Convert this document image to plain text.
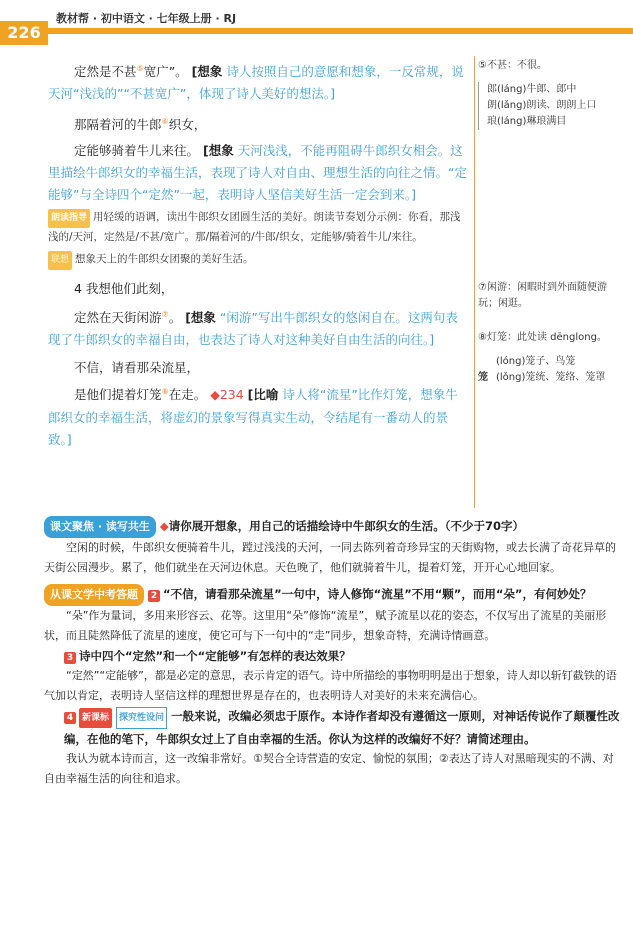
226
教材帮 · 初中语文 · 七年级上册 · RJ

定然是不甚⑤宽广”。 [想象 诗人按照自己的意愿和想象，一反常规，说天河“浅浅的”“不甚宽广”，体现了诗人美好的想法。]

那隔着河的牛郎⑥织女，

定能够骑着牛儿来往。 [想象 天河浅浅，不能再阻碍牛郎织女相会。这里描绘牛郎织女的幸福生活，表现了诗人对自由、理想生活的向往之情。“定能够”与全诗四个“定然”一起，表明诗人坚信美好生活一定会到来。]

朗读指导 用轻缓的语调，读出牛郎织女团圆生活的美好。朗读节奏划分示例：你看，那浅浅的/天河，定然是/不甚/宽广。那/隔着河的/牛郎/织女，定能够/骑着牛儿/来往。

联想 想象天上的牛郎织女团聚的美好生活。

4 我想他们此刻，

定然在天街闲游⑦。 [想象 “闲游”写出牛郎织女的悠闲自在。这两句表现了牛郎织女的幸福自由，也表达了诗人对这种美好自由生活的向往。]

不信，请看那朵流星，

是他们提着灯笼⑧在走。 ◆234 [比喻 诗人将“流星”比作灯笼，想象牛郎织女的幸福生活，将虚幻的景象写得真实生动，令结尾有一番动人的景致。]

⑤不甚：不很。
郎(láng)牛郎、郎中
朗(lǎng)朗读、朗朗上口
琅(láng)琳琅满目
⑦闲游：闲暇时到外面随便游玩；闲逛。
⑧灯笼：此处读 dēnglong。
笼
(lóng)笼子、鸟笼
(lǒng)笼统、笼络、笼罩

课文聚焦 · 读写共生 ◆请你展开想象，用自己的话描绘诗中牛郎织女的生活。（不少于70字）

空闲的时候，牛郎织女便骑着牛儿，蹚过浅浅的天河，一同去陈列着奇珍异宝的天街购物，或去长满了奇花异草的天街公园漫步。累了，他们就坐在天河边休息。天色晚了，他们就骑着牛儿，提着灯笼，开开心心地回家。

从课文学中考答题 2 “不信，请看那朵流星”一句中，诗人修饰“流星”不用“颗”，而用“朵”，有何妙处？

“朵”作为量词，多用来形容云、花等。这里用“朵”修饰“流星”，赋予流星以花的姿态，不仅写出了流星的美丽形状，而且陡然降低了流星的速度，使它可与下一句中的“走”同步，想象奇特，充满诗情画意。

3 诗中四个“定然”和一个“定能够”有怎样的表达效果？

“定然”“定能够”，都是必定的意思，表示肯定的语气。诗中所描绘的事物明明是出于想象，诗人却以斩钉截铁的语气加以肯定，表明诗人坚信这样的理想世界是存在的，也表明诗人对美好的未来充满信心。

4 新课标 探究性设问 一般来说，改编必须忠于原作。本诗作者却没有遵循这一原则，对神话传说作了颠覆性改编，在他的笔下，牛郎织女过上了自由幸福的生活。你认为这样的改编好不好？请简述理由。

我认为就本诗而言，这一改编非常好。①契合全诗营造的安定、愉悦的氛围；②表达了诗人对黑暗现实的不满、对自由幸福生活的向往和追求。
